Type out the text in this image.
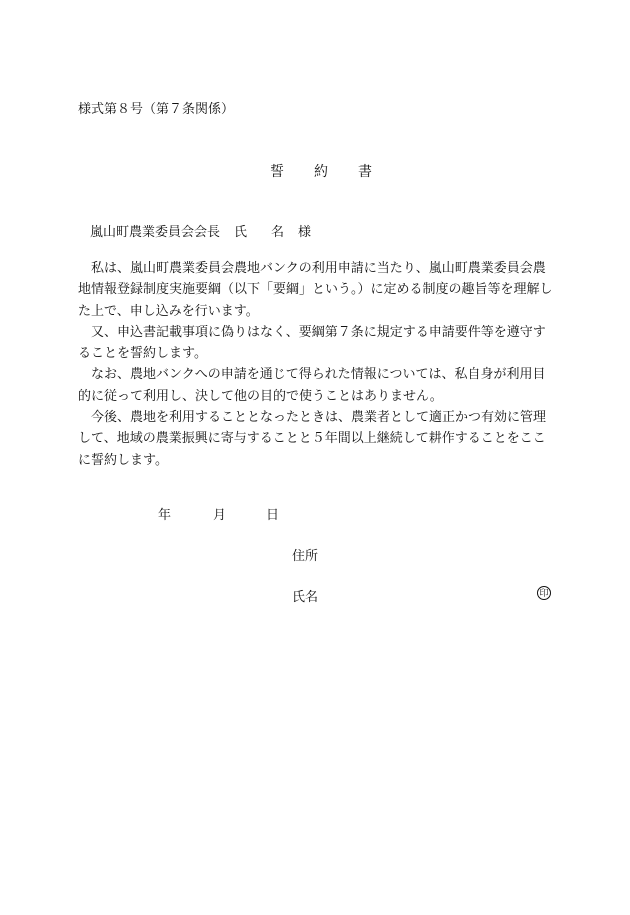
様式第８号（第７条関係）
誓 約 書
嵐山町農業委員会会長 氏 名 様

私は、嵐山町農業委員会農地バンクの利用申請に当たり、嵐山町農業委員会農地情報登録制度実施要綱（以下「要綱」という。）に定める制度の趣旨等を理解した上で、申し込みを行います。

又、申込書記載事項に偽りはなく、要綱第７条に規定する申請要件等を遵守することを誓約します。

なお、農地バンクへの申請を通じて得られた情報については、私自身が利用目的に従って利用し、決して他の目的で使うことはありません。

今後、農地を利用することとなったときは、農業者として適正かつ有効に管理して、地域の農業振興に寄与することと５年間以上継続して耕作することをここに誓約します。

年	月	日
住所
氏名	印
